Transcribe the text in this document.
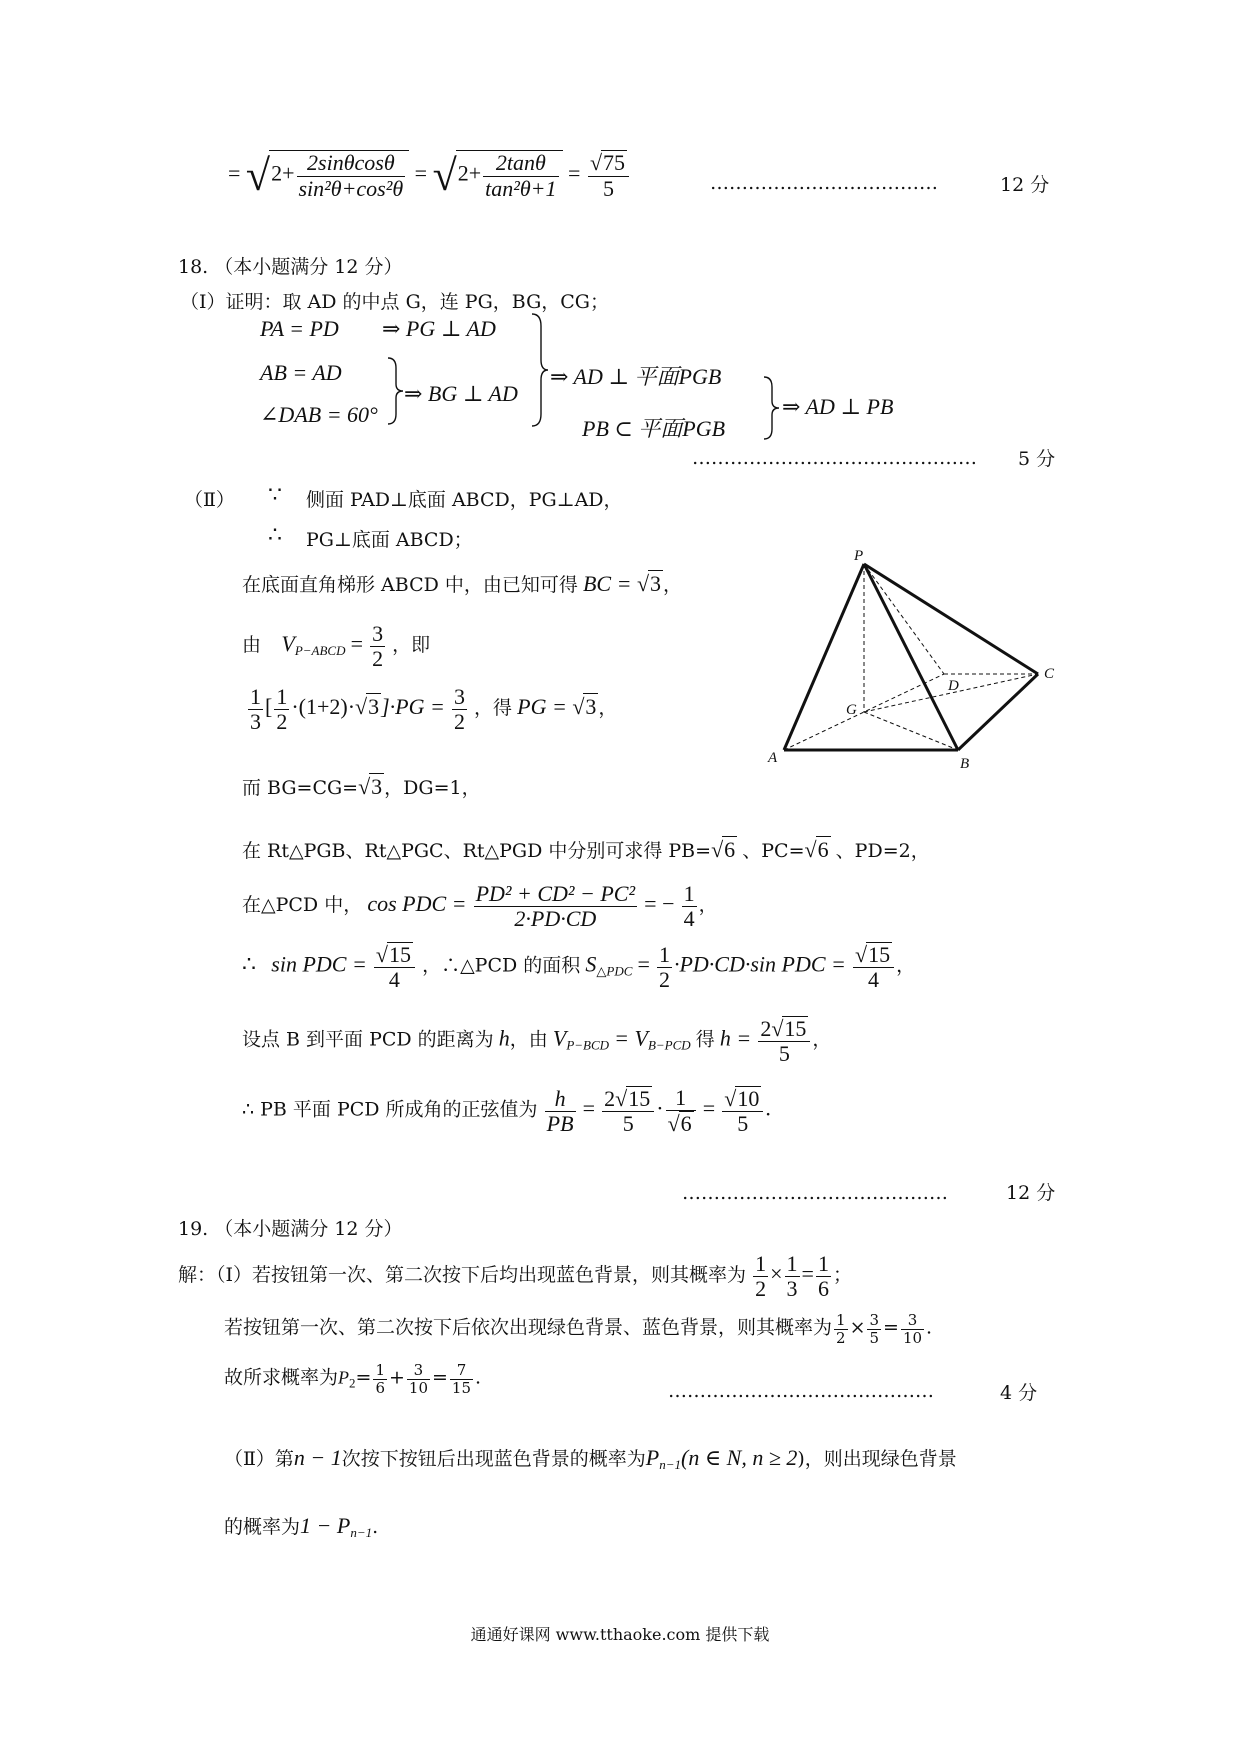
= $√2+ \frac{2\sin\theta\cos\theta}{\text{sin²θ+cos²θ}} = √2+ \frac{2\tan\theta}{\text{tan²θ+1}} = \frac{√75}{5}$	………………………………	12 分
18. （本小题满分 12 分）
（Ⅰ）证明：取 AD 的中点 G，连 PG，BG，CG；
PA = PD ⇒ PG ⊥ AD
AB = AD
∠DAB = 60°
⇒ BG ⊥ AD
⇒ AD ⊥ 平面PGB
PB ⊂ 平面PGB
⇒ AD ⊥ PB
……………………………………… 5 分
（Ⅱ） ∵ 侧面 PAD⊥底面 ABCD，PG⊥AD，
∴ PG⊥底面 ABCD；
在底面直角梯形 ABCD 中，由已知可得 BC = √3 ，
由 $V_{P-ABCD} = \frac{3}{2}$ ，即
$\frac{1}{3}$ [ $\frac{1}{2} \cdot(1+2)\cdot√3]\cdot PG = \frac{3}{2}$ ，得 PG = √3 ，
而 BG=CG=√3 ，DG=1，
在 Rt△PGB、Rt△PGC、Rt△PGD 中分别可求得 PB=√6 、PC=√6 、PD=2，
在△PCD 中， cos PDC = $\frac{\text{PD² + CD² − PC²}}{2\cdot PD\cdot CD}$ = − $\frac{1}{4}$ ，
∴ sin PDC = $\frac{√15}{4}$ ，∴△PCD 的面积 $S_{\triangle PDC} = \frac{1}{2} \cdot PD\cdot CD\cdot\sin$ PDC = $\frac{√15}{4}$ ，
设点 B 到平面 PCD 的距离为 h，由 $V_{P-BCD} = V_{B-PCD}$ 得 $h = \frac{2√15}{5}$ ，
∴ PB 平面 PCD 所成角的正弦值为 $\frac{h}{PB} = \frac{2√15}{5} \cdot \frac{1}{√6} = \frac{√10}{5}$ .
……………………………………	12 分
P
A	B
C
D
G
19. （本小题满分 12 分）
解：（Ⅰ）若按钮第一次、第二次按下后均出现蓝色背景，则其概率为 $\frac{1}{2} \times \frac{1}{3} = \frac{1}{6}$ ；
若按钮第一次、第二次按下后依次出现绿色背景、蓝色背景，则其概率为 $\frac{1}{2} \times \frac{3}{5} = \frac{3}{10}$ .
故所求概率为$P_2= \frac{1}{6} + \frac{3}{10} = \frac{7}{15}$ .
……………………………………	4 分
（Ⅱ）第n − 1次按下按钮后出现蓝色背景的概率为$P_{n-1}(n$ ∈ N, n ≥ 2)，则出现绿色背景
的概率为$1 - P_{n-1}$.
通通好课网 www.tthaoke.com 提供下载
